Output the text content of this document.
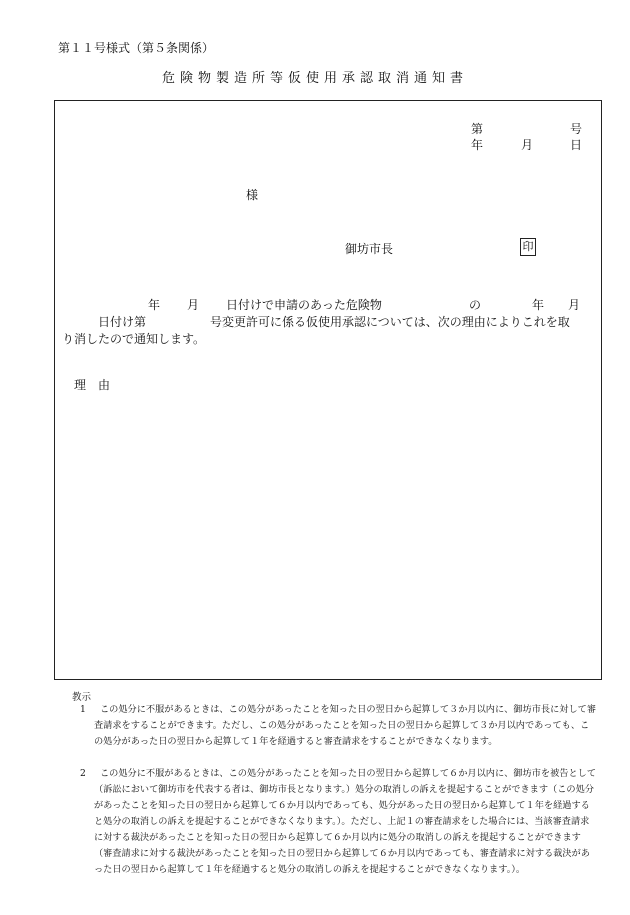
第１１号様式（第５条関係）
危険物製造所等仮使用承認取消通知書
第	号
年	月	日
様
御坊市長	印
年 月 日付けで申請のあった危険物	の	年 月
日付け第	号変更許可に係る仮使用承認については、次の理由によりこれを取
り消したので通知します。
理　由
教示
1	この処分に不服があるときは、この処分があったことを知った日の翌日から起算して３か月以内に、御坊市長に対して審査請求をすることができます。ただし、この処分があったことを知った日の翌日から起算して３か月以内であっても、この処分があった日の翌日から起算して１年を経過すると審査請求をすることができなくなります。
2	この処分に不服があるときは、この処分があったことを知った日の翌日から起算して６か月以内に、御坊市を被告として（訴訟において御坊市を代表する者は、御坊市長となります。）処分の取消しの訴えを提起することができます（この処分があったことを知った日の翌日から起算して６か月以内であっても、処分があった日の翌日から起算して１年を経過すると処分の取消しの訴えを提起することができなくなります。）。ただし、上記１の審査請求をした場合には、当該審査請求に対する裁決があったことを知った日の翌日から起算して６か月以内に処分の取消しの訴えを提起することができます（審査請求に対する裁決があったことを知った日の翌日から起算して６か月以内であっても、審査請求に対する裁決があった日の翌日から起算して１年を経過すると処分の取消しの訴えを提起することができなくなります。）。
